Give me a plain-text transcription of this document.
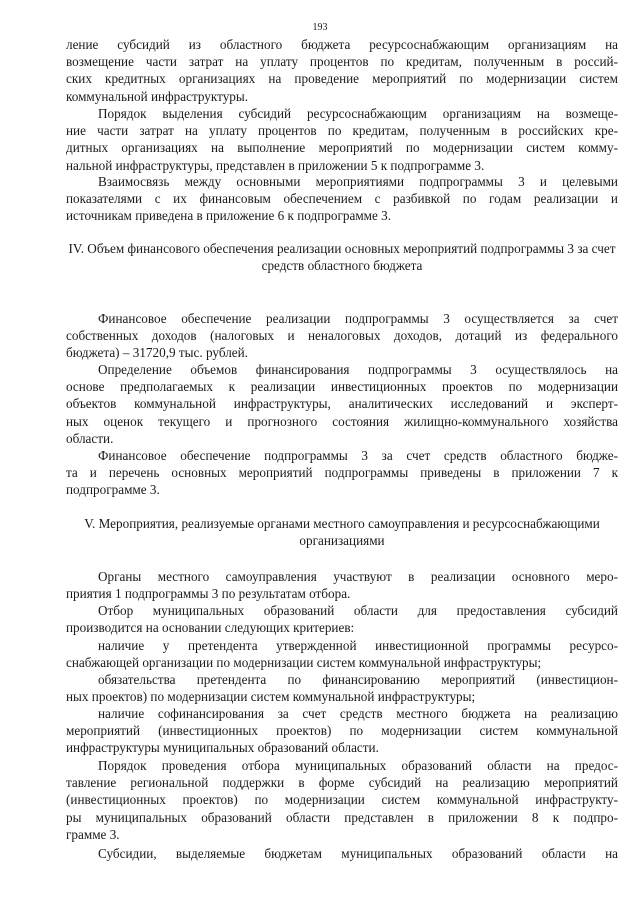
193
ление субсидий из областного бюджета ресурсоснабжающим организациям на
возмещение части затрат на уплату процентов по кредитам, полученным в россий-
ских кредитных организациях на проведение мероприятий по модернизации систем
коммунальной инфраструктуры.
Порядок выделения субсидий ресурсоснабжающим организациям на возмеще-
ние части затрат на уплату процентов по кредитам, полученным в российских кре-
дитных организациях на выполнение мероприятий по модернизации систем комму-
нальной инфраструктуры, представлен в приложении 5 к подпрограмме 3.
Взаимосвязь между основными мероприятиями подпрограммы 3 и целевыми
показателями с их финансовым обеспечением с разбивкой по годам реализации и
источникам приведена в приложение 6 к подпрограмме 3.
IV. Объем финансового обеспечения реализации основных мероприятий подпрограммы 3 за счет средств областного бюджета
Финансовое обеспечение реализации подпрограммы 3 осуществляется за счет
собственных доходов (налоговых и неналоговых доходов, дотаций из федерального
бюджета) – 31720,9 тыс. рублей.
Определение объемов финансирования подпрограммы 3 осуществлялось на
основе предполагаемых к реализации инвестиционных проектов по модернизации
объектов коммунальной инфраструктуры, аналитических исследований и эксперт-
ных оценок текущего и прогнозного состояния жилищно-коммунального хозяйства
области.
Финансовое обеспечение подпрограммы 3 за счет средств областного бюдже-
та и перечень основных мероприятий подпрограммы приведены в приложении 7 к
подпрограмме 3.
V. Мероприятия, реализуемые органами местного самоуправления и ресурсоснабжающими организациями
Органы местного самоуправления участвуют в реализации основного меро-
приятия 1 подпрограммы 3 по результатам отбора.
Отбор муниципальных образований области для предоставления субсидий
производится на основании следующих критериев:
наличие у претендента утвержденной инвестиционной программы ресурсо-
снабжающей организации по модернизации систем коммунальной инфраструктуры;
обязательства претендента по финансированию мероприятий (инвестицион-
ных проектов) по модернизации систем коммунальной инфраструктуры;
наличие софинансирования за счет средств местного бюджета на реализацию
мероприятий (инвестиционных проектов) по модернизации систем коммунальной
инфраструктуры муниципальных образований области.
Порядок проведения отбора муниципальных образований области на предос-
тавление региональной поддержки в форме субсидий на реализацию мероприятий
(инвестиционных проектов) по модернизации систем коммунальной инфраструкту-
ры муниципальных образований области представлен в приложении 8 к подпро-
грамме 3.
Субсидии, выделяемые бюджетам муниципальных образований области на
